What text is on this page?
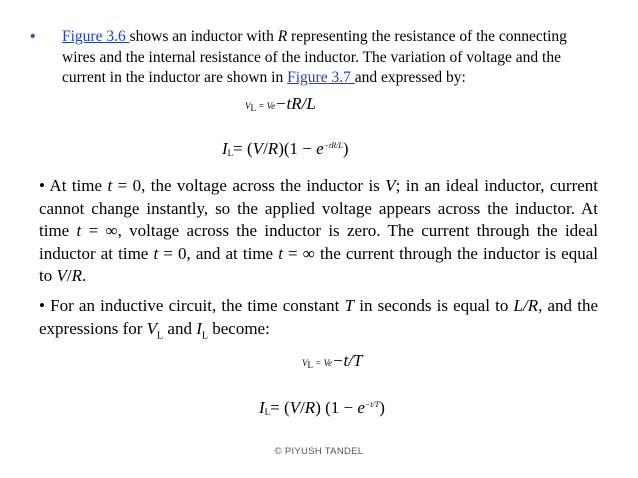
• Figure 3.6 shows an inductor with R representing the resistance of the connecting wires and the internal resistance of the inductor. The variation of voltage and the current in the inductor are shown in Figure 3.7 and expressed by:
$V_L = Ve-tR/L$
$I_L= (V/R)(1 - e^{-tR/L})$
• At time t = 0, the voltage across the inductor is V; in an ideal inductor, current cannot change instantly, so the applied voltage appears across the inductor. At time t = ∞, voltage across the inductor is zero. The current through the ideal inductor at time t = 0, and at time t = ∞ the current through the inductor is equal to V/R.
• For an inductive circuit, the time constant T in seconds is equal to L/R, and the expressions for $V_L$ and $I_L$ become:
$V_L = Ve-t/T$
$I_L= (V/R) (1 - e^{-t/T})$
© PIYUSH TANDEL
